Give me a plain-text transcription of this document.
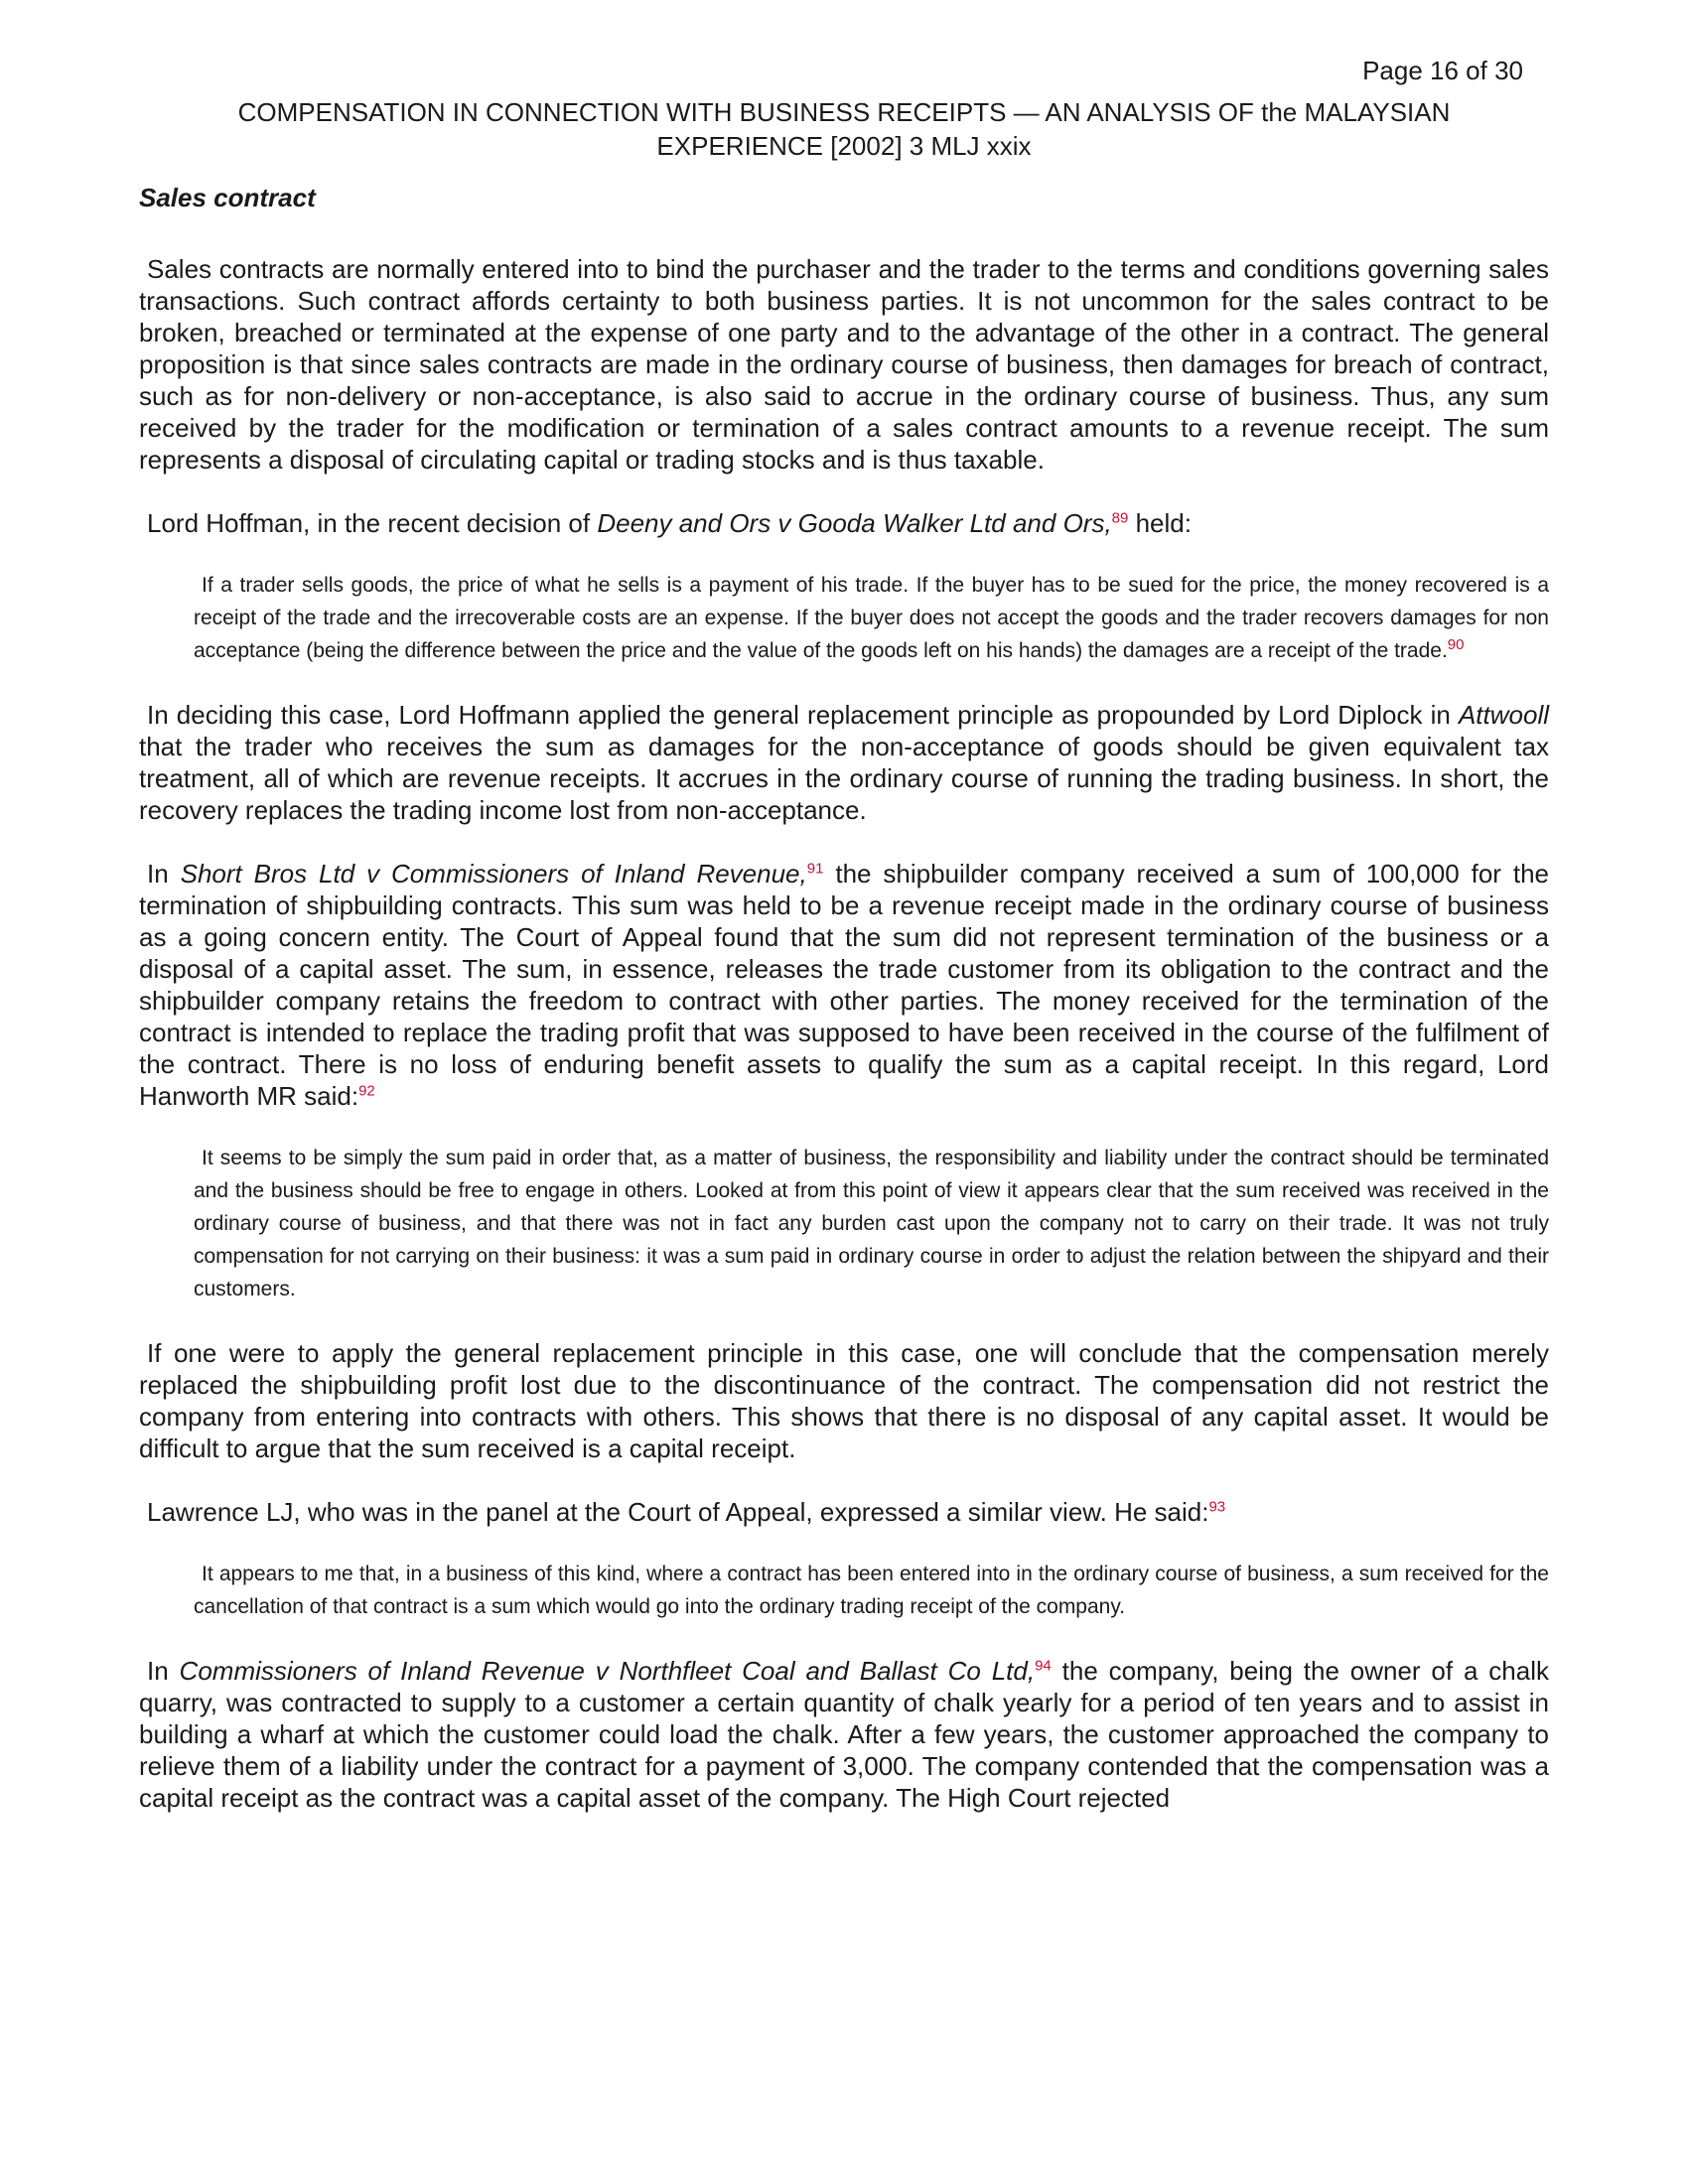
Page 16 of 30
COMPENSATION IN CONNECTION WITH BUSINESS RECEIPTS — AN ANALYSIS OF the MALAYSIAN
EXPERIENCE [2002] 3 MLJ xxix
Sales contract

Sales contracts are normally entered into to bind the purchaser and the trader to the terms and conditions governing sales transactions. Such contract affords certainty to both business parties. It is not uncommon for the sales contract to be broken, breached or terminated at the expense of one party and to the advantage of the other in a contract. The general proposition is that since sales contracts are made in the ordinary course of business, then damages for breach of contract, such as for non-delivery or non-acceptance, is also said to accrue in the ordinary course of business. Thus, any sum received by the trader for the modification or termination of a sales contract amounts to a revenue receipt. The sum represents a disposal of circulating capital or trading stocks and is thus taxable.

Lord Hoffman, in the recent decision of Deeny and Ors v Gooda Walker Ltd and Ors,$^{89}$ held:

If a trader sells goods, the price of what he sells is a payment of his trade. If the buyer has to be sued for the price, the money recovered is a receipt of the trade and the irrecoverable costs are an expense. If the buyer does not accept the goods and the trader recovers damages for non acceptance (being the difference between the price and the value of the goods left on his hands) the damages are a receipt of the trade.$^{90}$

In deciding this case, Lord Hoffmann applied the general replacement principle as propounded by Lord Diplock in Attwooll that the trader who receives the sum as damages for the non-acceptance of goods should be given equivalent tax treatment, all of which are revenue receipts. It accrues in the ordinary course of running the trading business. In short, the recovery replaces the trading income lost from non-acceptance.

In Short Bros Ltd v Commissioners of Inland Revenue,$^{91}$ the shipbuilder company received a sum of 100,000 for the termination of shipbuilding contracts. This sum was held to be a revenue receipt made in the ordinary course of business as a going concern entity. The Court of Appeal found that the sum did not represent termination of the business or a disposal of a capital asset. The sum, in essence, releases the trade customer from its obligation to the contract and the shipbuilder company retains the freedom to contract with other parties. The money received for the termination of the contract is intended to replace the trading profit that was supposed to have been received in the course of the fulfilment of the contract. There is no loss of enduring benefit assets to qualify the sum as a capital receipt. In this regard, Lord Hanworth MR said:$^{92}$

It seems to be simply the sum paid in order that, as a matter of business, the responsibility and liability under the contract should be terminated and the business should be free to engage in others. Looked at from this point of view it appears clear that the sum received was received in the ordinary course of business, and that there was not in fact any burden cast upon the company not to carry on their trade. It was not truly compensation for not carrying on their business: it was a sum paid in ordinary course in order to adjust the relation between the shipyard and their customers.

If one were to apply the general replacement principle in this case, one will conclude that the compensation merely replaced the shipbuilding profit lost due to the discontinuance of the contract. The compensation did not restrict the company from entering into contracts with others. This shows that there is no disposal of any capital asset. It would be difficult to argue that the sum received is a capital receipt.

Lawrence LJ, who was in the panel at the Court of Appeal, expressed a similar view. He said:$^{93}$

It appears to me that, in a business of this kind, where a contract has been entered into in the ordinary course of business, a sum received for the cancellation of that contract is a sum which would go into the ordinary trading receipt of the company.

In Commissioners of Inland Revenue v Northfleet Coal and Ballast Co Ltd,$^{94}$ the company, being the owner of a chalk quarry, was contracted to supply to a customer a certain quantity of chalk yearly for a period of ten years and to assist in building a wharf at which the customer could load the chalk. After a few years, the customer approached the company to relieve them of a liability under the contract for a payment of 3,000. The company contended that the compensation was a capital receipt as the contract was a capital asset of the company. The High Court rejected
